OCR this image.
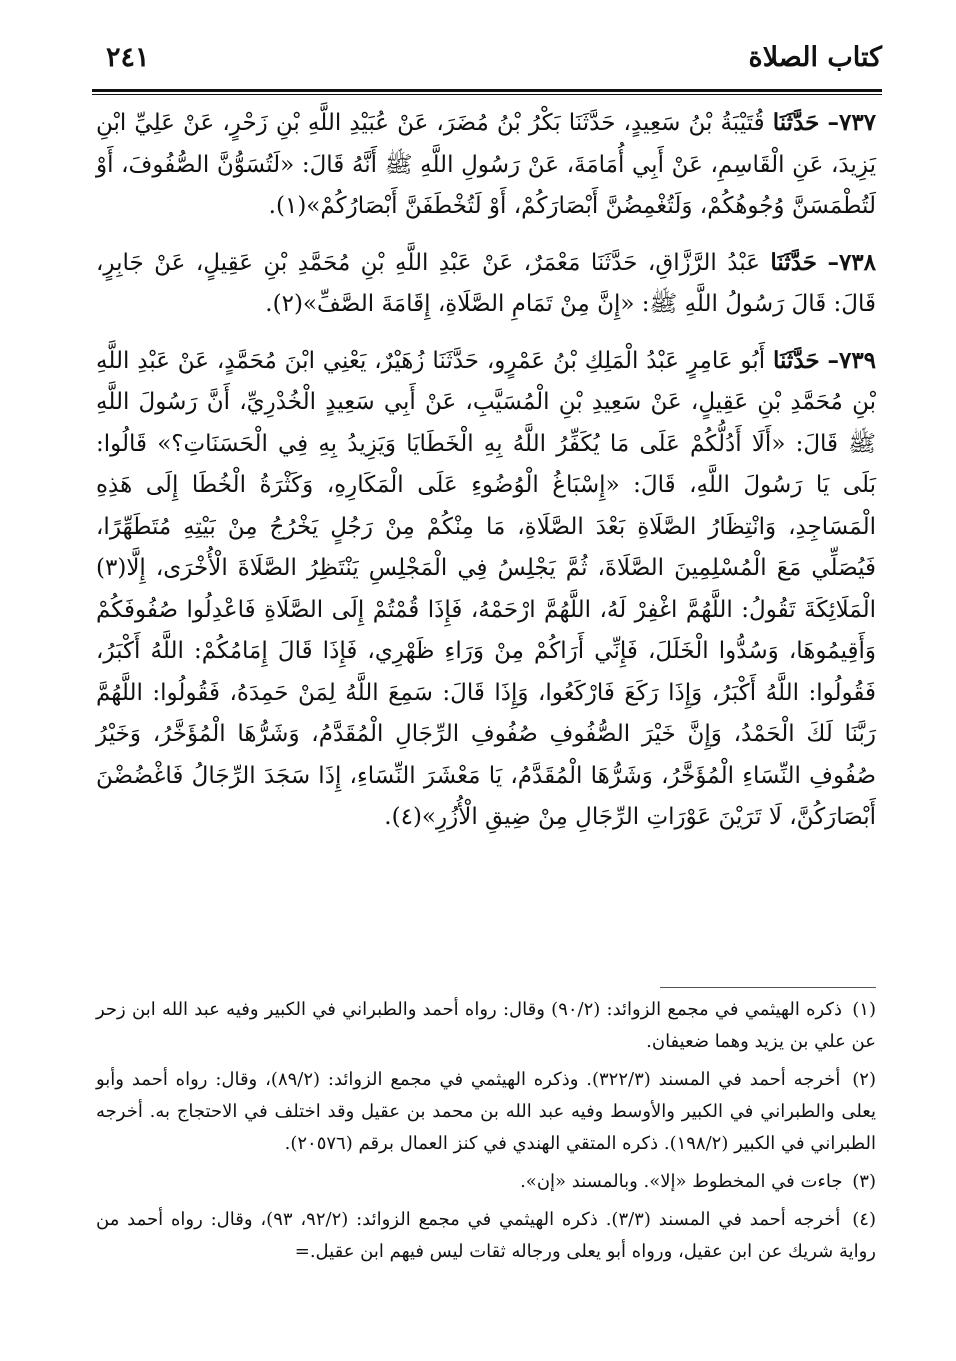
كتاب الصلاة
٢٤١

٧٣٧– حَدَّثَنَا قُتَيْبَةُ بْنُ سَعِيدٍ، حَدَّثَنَا بَكْرُ بْنُ مُضَرَ، عَنْ عُبَيْدِ اللَّهِ بْنِ زَحْرٍ، عَنْ عَلِيِّ ابْنِ يَزِيدَ، عَنِ الْقَاسِمِ، عَنْ أَبِي أُمَامَةَ، عَنْ رَسُولِ اللَّهِ ﷺ أَنَّهُ قَالَ: «لَتُسَوُّنَّ الصُّفُوفَ، أَوْ لَتُطْمَسَنَّ وُجُوهُكُمْ، وَلَتُغْمِضُنَّ أَبْصَارَكُمْ، أَوْ لَتُخْطَفَنَّ أَبْصَارُكُمْ»(١).

٧٣٨– حَدَّثَنَا عَبْدُ الرَّزَّاقِ، حَدَّثَنَا مَعْمَرٌ، عَنْ عَبْدِ اللَّهِ بْنِ مُحَمَّدِ بْنِ عَقِيلٍ، عَنْ جَابِرٍ، قَالَ: قَالَ رَسُولُ اللَّهِ ﷺ: «إِنَّ مِنْ تَمَامِ الصَّلَاةِ، إِقَامَةَ الصَّفِّ»(٢).

٧٣٩– حَدَّثَنَا أَبُو عَامِرٍ عَبْدُ الْمَلِكِ بْنُ عَمْرٍو، حَدَّثَنَا زُهَيْرٌ، يَعْنِي ابْنَ مُحَمَّدٍ، عَنْ عَبْدِ اللَّهِ بْنِ مُحَمَّدِ بْنِ عَقِيلٍ، عَنْ سَعِيدِ بْنِ الْمُسَيَّبِ، عَنْ أَبِي سَعِيدٍ الْخُدْرِيِّ، أَنَّ رَسُولَ اللَّهِ ﷺ قَالَ: «أَلَا أَدُلُّكُمْ عَلَى مَا يُكَفِّرُ اللَّهُ بِهِ الْخَطَايَا وَيَزِيدُ بِهِ فِي الْحَسَنَاتِ؟» قَالُوا: بَلَى يَا رَسُولَ اللَّهِ، قَالَ: «إِسْبَاغُ الْوُضُوءِ عَلَى الْمَكَارِهِ، وَكَثْرَةُ الْخُطَا إِلَى هَذِهِ الْمَسَاجِدِ، وَانْتِظَارُ الصَّلَاةِ بَعْدَ الصَّلَاةِ، مَا مِنْكُمْ مِنْ رَجُلٍ يَخْرُجُ مِنْ بَيْتِهِ مُتَطَهِّرًا، فَيُصَلِّي مَعَ الْمُسْلِمِينَ الصَّلَاةَ، ثُمَّ يَجْلِسُ فِي الْمَجْلِسِ يَنْتَظِرُ الصَّلَاةَ الْأُخْرَى، إِلَّا(٣) الْمَلَائِكَةَ تَقُولُ: اللَّهُمَّ اغْفِرْ لَهُ، اللَّهُمَّ ارْحَمْهُ، فَإِذَا قُمْتُمْ إِلَى الصَّلَاةِ فَاعْدِلُوا صُفُوفَكُمْ وَأَقِيمُوهَا، وَسُدُّوا الْخَلَلَ، فَإِنِّي أَرَاكُمْ مِنْ وَرَاءِ ظَهْرِي، فَإِذَا قَالَ إِمَامُكُمْ: اللَّهُ أَكْبَرُ، فَقُولُوا: اللَّهُ أَكْبَرُ، وَإِذَا رَكَعَ فَارْكَعُوا، وَإِذَا قَالَ: سَمِعَ اللَّهُ لِمَنْ حَمِدَهُ، فَقُولُوا: اللَّهُمَّ رَبَّنَا لَكَ الْحَمْدُ، وَإِنَّ خَيْرَ الصُّفُوفِ صُفُوفِ الرِّجَالِ الْمُقَدَّمُ، وَشَرُّهَا الْمُؤَخَّرُ، وَخَيْرُ صُفُوفِ النِّسَاءِ الْمُؤَخَّرُ، وَشَرُّهَا الْمُقَدَّمُ، يَا مَعْشَرَ النِّسَاءِ، إِذَا سَجَدَ الرِّجَالُ فَاغْضُضْنَ أَبْصَارَكُنَّ، لَا تَرَيْنَ عَوْرَاتِ الرِّجَالِ مِنْ ضِيقِ الْأُزُرِ»(٤).

(١) ذكره الهيثمي في مجمع الزوائد: (٩٠/٢) وقال: رواه أحمد والطبراني في الكبير وفيه عبد الله ابن زحر عن علي بن يزيد وهما ضعيفان.

(٢) أخرجه أحمد في المسند (٣٢٢/٣). وذكره الهيثمي في مجمع الزوائد: (٨٩/٢)، وقال: رواه أحمد وأبو يعلى والطبراني في الكبير والأوسط وفيه عبد الله بن محمد بن عقيل وقد اختلف في الاحتجاج به. أخرجه الطبراني في الكبير (١٩٨/٢). ذكره المتقي الهندي في كنز العمال برقم (٢٠٥٧٦).

(٣) جاءت في المخطوط «إلا». وبالمسند «إن».

(٤) أخرجه أحمد في المسند (٣/٣). ذكره الهيثمي في مجمع الزوائد: (٩٢/٢، ٩٣)، وقال: رواه أحمد من رواية شريك عن ابن عقيل، ورواه أبو يعلى ورجاله ثقات ليس فيهم ابن عقيل.=
